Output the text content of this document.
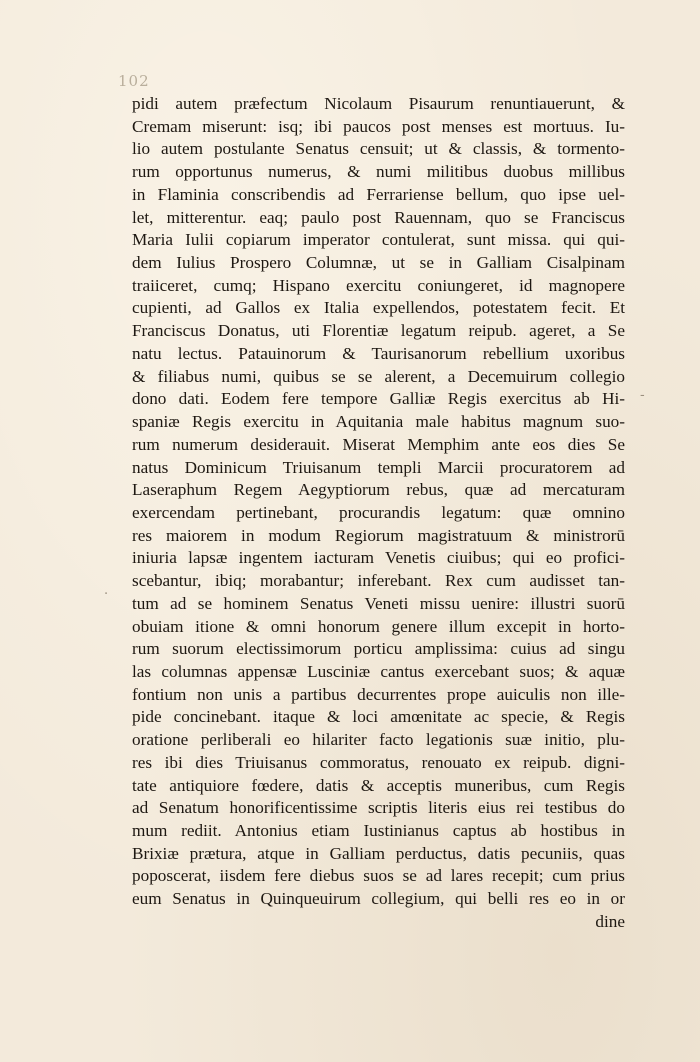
102
.
-
pidi autem præfectum Nicolaum Pisaurum renuntiauerunt, &
Cremam miserunt: isq; ibi paucos post menses est mortuus. Iu-
lio autem postulante Senatus censuit; ut & classis, & tormento-
rum opportunus numerus, & numi militibus duobus millibus
in Flaminia conscribendis ad Ferrariense bellum, quo ipse uel-
let, mitterentur. eaq; paulo post Rauennam, quo se Franciscus
Maria Iulii copiarum imperator contulerat, sunt missa. qui qui-
dem Iulius Prospero Columnæ, ut se in Galliam Cisalpinam
traiiceret, cumq; Hispano exercitu coniungeret, id magnopere
cupienti, ad Gallos ex Italia expellendos, potestatem fecit. Et
Franciscus Donatus, uti Florentiæ legatum reipub. ageret, a Se
natu lectus. Patauinorum & Taurisanorum rebellium uxoribus
& filiabus numi, quibus se se alerent, a Decemuirum collegio
dono dati. Eodem fere tempore Galliæ Regis exercitus ab Hi-
spaniæ Regis exercitu in Aquitania male habitus magnum suo-
rum numerum desiderauit. Miserat Memphim ante eos dies Se
natus Dominicum Triuisanum templi Marcii procuratorem ad
Laseraphum Regem Aegyptiorum rebus, quæ ad mercaturam
exercendam pertinebant, procurandis legatum: quæ omnino
res maiorem in modum Regiorum magistratuum & ministrorū
iniuria lapsæ ingentem iacturam Venetis ciuibus; qui eo profici-
scebantur, ibiq; morabantur; inferebant. Rex cum audisset tan-
tum ad se hominem Senatus Veneti missu uenire: illustri suorū
obuiam itione & omni honorum genere illum excepit in horto-
rum suorum electissimorum porticu amplissima: cuius ad singu
las columnas appensæ Lusciniæ cantus exercebant suos; & aquæ
fontium non unis a partibus decurrentes prope auiculis non ille-
pide concinebant. itaque & loci amœnitate ac specie, & Regis
oratione perliberali eo hilariter facto legationis suæ initio, plu-
res ibi dies Triuisanus commoratus, renouato ex reipub. digni-
tate antiquiore fœdere, datis & acceptis muneribus, cum Regis
ad Senatum honorificentissime scriptis literis eius rei testibus do
mum rediit. Antonius etiam Iustinianus captus ab hostibus in
Brixiæ prætura, atque in Galliam perductus, datis pecuniis, quas
poposcerat, iisdem fere diebus suos se ad lares recepit; cum prius
eum Senatus in Quinqueuirum collegium, qui belli res eo in or
dine
